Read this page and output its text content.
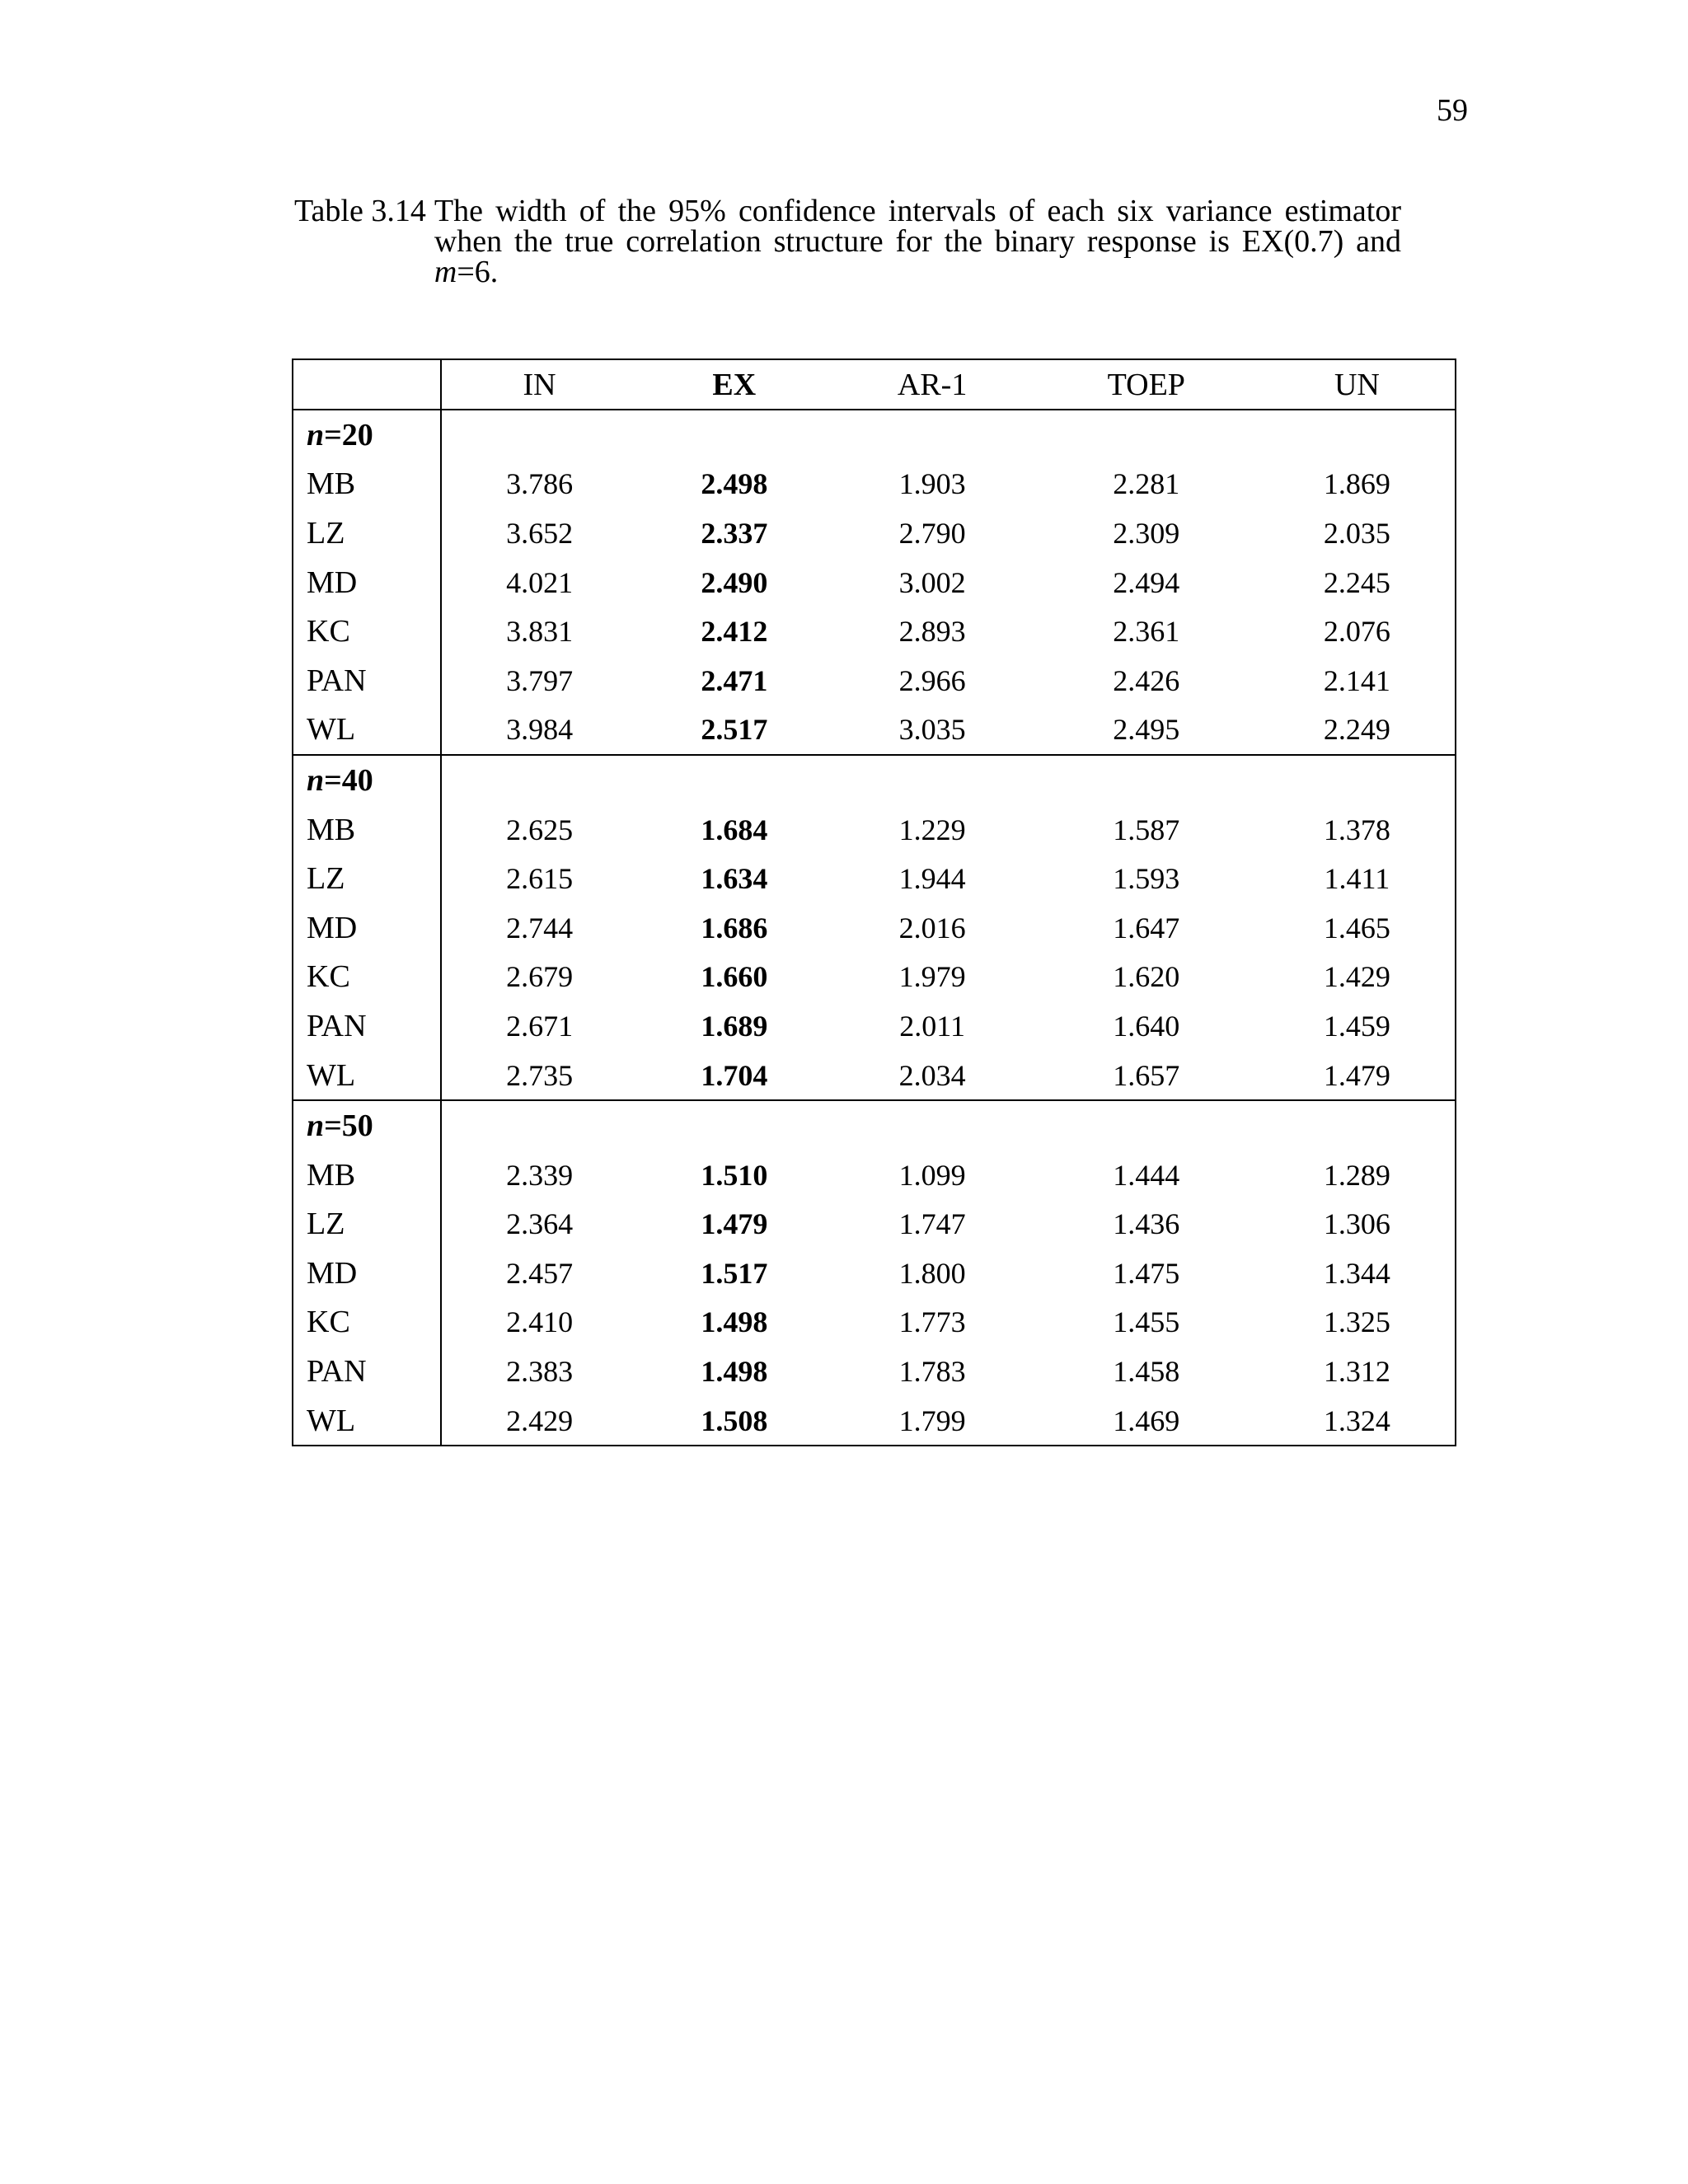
59
Table 3.14 The width of the 95% confidence intervals of each six variance estimator when the true correlation structure for the binary response is EX(0.7) and m=6.
	IN	EX	AR-1	TOEP	UN
n=20					
MB	3.786	2.498	1.903	2.281	1.869
LZ	3.652	2.337	2.790	2.309	2.035
MD	4.021	2.490	3.002	2.494	2.245
KC	3.831	2.412	2.893	2.361	2.076
PAN	3.797	2.471	2.966	2.426	2.141
WL	3.984	2.517	3.035	2.495	2.249
n=40					
MB	2.625	1.684	1.229	1.587	1.378
LZ	2.615	1.634	1.944	1.593	1.411
MD	2.744	1.686	2.016	1.647	1.465
KC	2.679	1.660	1.979	1.620	1.429
PAN	2.671	1.689	2.011	1.640	1.459
WL	2.735	1.704	2.034	1.657	1.479
n=50					
MB	2.339	1.510	1.099	1.444	1.289
LZ	2.364	1.479	1.747	1.436	1.306
MD	2.457	1.517	1.800	1.475	1.344
KC	2.410	1.498	1.773	1.455	1.325
PAN	2.383	1.498	1.783	1.458	1.312
WL	2.429	1.508	1.799	1.469	1.324
